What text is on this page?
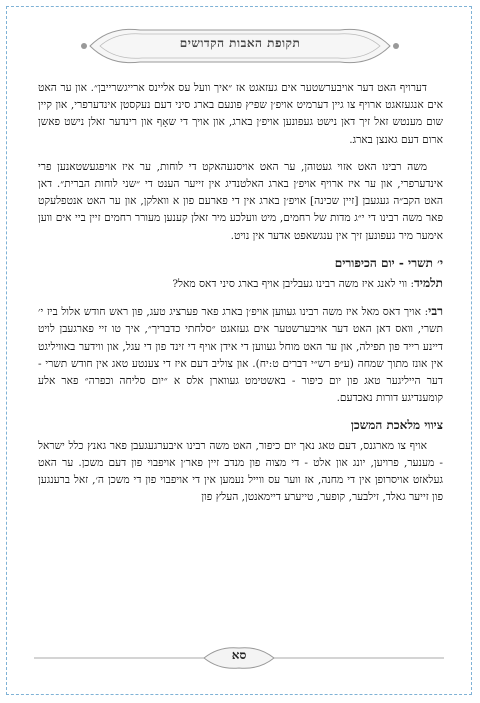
תקופת האבות הקדושים

דערויף האט דער אויבערשטער אים געזאגט אז ״איך וועל עס אליינס ארייגשרייבן״. און ער האט אים אנגעזאגט ארויף צו גיין דערמיט אויפ׳ן שפיץ פונעם בארג סיני דעם נעקסטן אינדערפרי, און קיין שום מענטש זאל זיך דאן נישט געפונען אויפ׳ן בארג, און אויך די שאָף און רינדער זאלן נישט פאשן ארום דעם גאנצן בארג.

משה רבינו האט אזוי געטוהן, ער האט אויסגעהאקט די לוחות, ער איז אויפגעשטאנען פרי אינדערפרי, און ער איז ארויף אויפ׳ן בארג האלטנדיג אין זייער הענט די ״שני לוחות הברית״. דאן האט הקב״ה געגעבן [זיין שכינה] אויפ׳ן בארג אין די פארעם פון א וואלקן, און ער האט אנטפלעקט פאר משה רבינו די י״ג מדות של רחמים, מיט וועלכע מיר זאלן קענען מעורר רחמים זיין ביי אים ווען אימער מיר געפונען זיך אין ענגשאפט אדער אין נויט.

י׳ תשרי - יום הכיפורים

תלמיד: ווי לאנג איז משה רבינו געבליבן אויף בארג סיני דאס מאל?

רבי: אויך דאס מאל איז משה רבינו געווען אויפ׳ן בארג פאר פערציג טעג, פון ראש חודש אלול ביז י׳ תשרי, וואס דאן האט דער אויבערשטער אים געזאגט ״סלחתי כדבריך״, איך טו זיי פארגעבן לויט דיינע רייד פון תפילה, און ער האט מוחל געווען די אידן אויף די זינד פון די עגל, און ווידער באוויליגט אין אונז מתוך שמחה (ע״פ רש״י דברים ט:יח). און צוליב דעם איז די צענטע טאג אין חודש תשרי - דער הייליגער טאג פון יום כיפור - באשטימט געווארן אלס א ״יום סליחה וכפרה״ פאר אלע קומענדיגע דורות נאכדעם.

ציווי מלאכת המשכן

אויף צו מארגנס, דעם טאג נאך יום כיפור, האט משה רבינו איבערגעגעבן פאר גאנץ כלל ישראל - מענער, פרויען, יונג און אלט - די מצוה פון מנדב זיין פאר׳ן אויפבוי פון דעם משכן. ער האט געלאזט אויסרופן אין די מחנה, אז ווער עס ווייל נעמען אין די אויפבוי פון די משכן ה׳, זאל ברענגען פון זייער גאלד, זילבער, קופער, טייערע דיימאנטן, העלץ פון

סא
